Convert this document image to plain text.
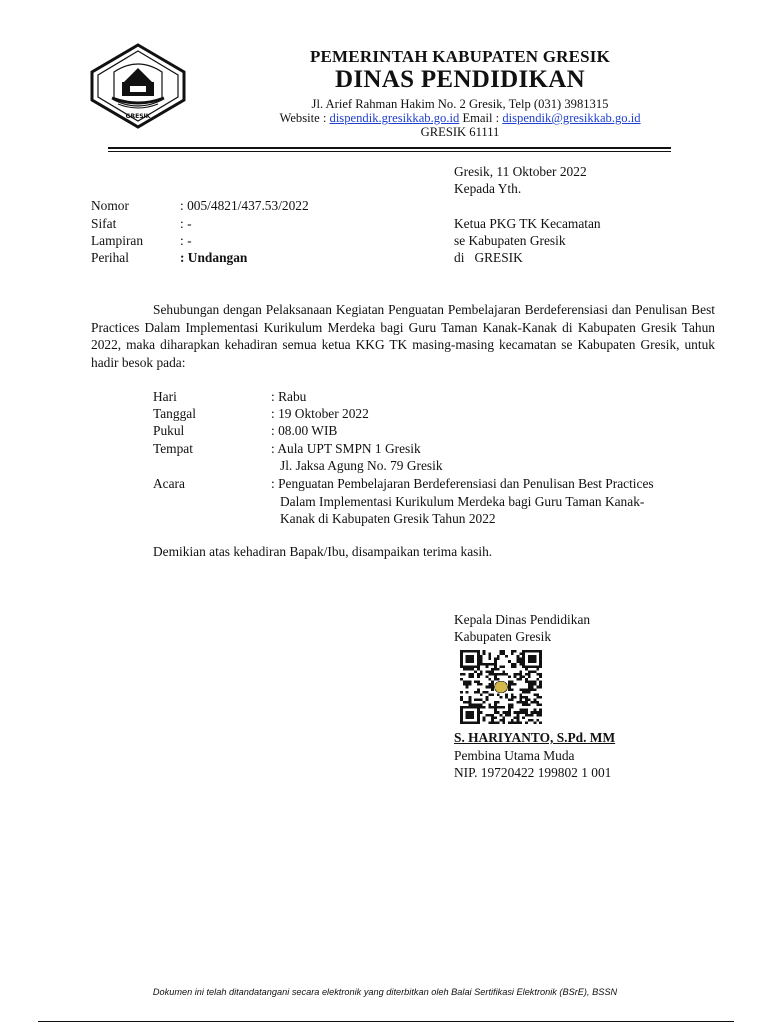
GRESIK
PEMERINTAH KABUPATEN GRESIK
DINAS PENDIDIKAN
Jl. Arief Rahman Hakim No. 2 Gresik, Telp (031) 3981315
Website : dispendik.gresikkab.go.id Email : dispendik@gresikkab.go.id
GRESIK 61111
Gresik, 11 Oktober 2022
Kepada Yth.
Nomor	: 005/4821/437.53/2022
Sifat	: -
Lampiran	: -
Perihal	: Undangan
Ketua PKG TK Kecamatan
se Kabupaten Gresik
di   GRESIK
Sehubungan dengan Pelaksanaan Kegiatan Penguatan Pembelajaran Berdeferensiasi dan Penulisan Best Practices Dalam Implementasi Kurikulum Merdeka bagi Guru Taman Kanak-Kanak di Kabupaten Gresik Tahun 2022, maka diharapkan kehadiran semua ketua KKG TK masing-masing kecamatan se Kabupaten Gresik, untuk hadir besok pada:
Hari	: Rabu
Tanggal	: 19 Oktober 2022
Pukul	: 08.00 WIB
Tempat	: Aula UPT SMPN 1 Gresik
Jl. Jaksa Agung No. 79 Gresik
Acara	: Penguatan Pembelajaran Berdeferensiasi dan Penulisan Best Practices
Dalam Implementasi Kurikulum Merdeka bagi Guru Taman Kanak-
Kanak di Kabupaten Gresik Tahun 2022
Demikian atas kehadiran Bapak/Ibu, disampaikan terima kasih.
Kepala Dinas Pendidikan
Kabupaten Gresik
S. HARIYANTO, S.Pd. MM
Pembina Utama Muda
NIP. 19720422 199802 1 001
Dokumen ini telah ditandatangani secara elektronik yang diterbitkan oleh Balai Sertifikasi Elektronik (BSrE), BSSN
